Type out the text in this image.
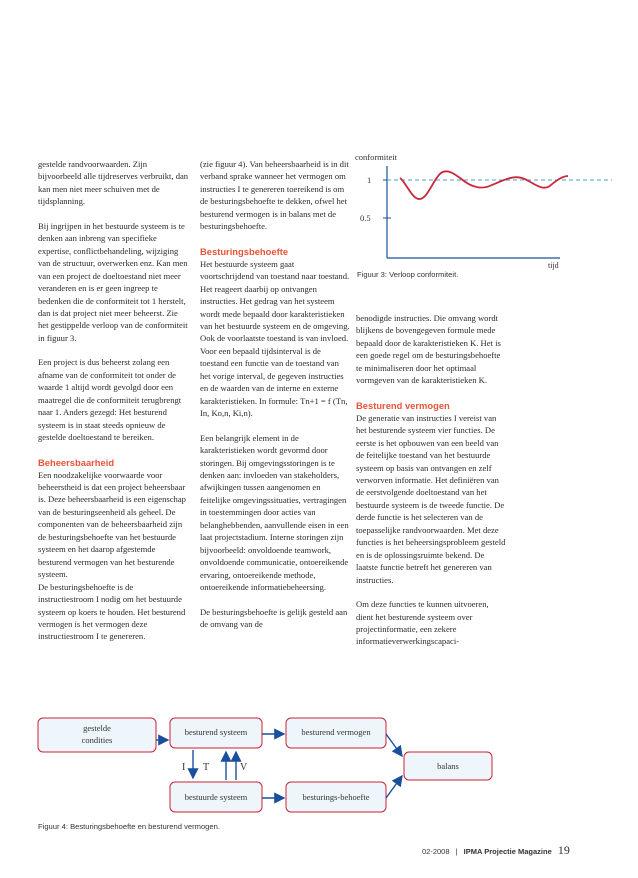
gestelde randvoorwaarden. Zijn bijvoorbeeld alle tijdreserves verbruikt, dan kan men niet meer schuiven met de tijdsplanning.

Bij ingrijpen in het bestuurde systeem is te denken aan inbreng van specifieke expertise, conflictbehandeling, wijziging van de structuur, overwerken enz. Kan men van een project de doeltoestand niet meer veranderen en is er geen ingreep te bedenken die de conformiteit tot 1 herstelt, dan is dat project niet meer beheerst. Zie het gestippelde verloop van de conformiteit in figuur 3.

Een project is dus beheerst zolang een afname van de conformiteit tot onder de waarde 1 altijd wordt gevolgd door een maatregel die de conformiteit terugbrengt naar 1. Anders gezegd: Het besturend systeem is in staat steeds opnieuw de gestelde doeltoestand te bereiken.

Beheersbaarheid

Een noodzakelijke voorwaarde voor beheerstheid is dat een project beheersbaar is. Deze beheersbaarheid is een eigenschap van de besturingseenheid als geheel. De componenten van de beheersbaarheid zijn de besturingsbehoefte van het bestuurde systeem en het daarop afgestemde besturend vermogen van het besturende systeem.

De besturingsbehoefte is de instructiestroom I nodig om het bestuurde systeem op koers te houden. Het besturend vermogen is het vermogen deze instructiestroom I te genereren.

(zie figuur 4). Van beheersbaarheid is in dit verband sprake wanneer het vermogen om instructies I te genereren toereikend is om de besturingsbehoefte te dekken, ofwel het besturend vermogen is in balans met de besturingsbehoefte.

Besturingsbehoefte

Het bestuurde systeem gaat voortschrijdend van toestand naar toestand. Het reageert daarbij op ontvangen instructies. Het gedrag van het systeem wordt mede bepaald door karakteristieken van het bestuurde systeem en de omgeving. Ook de voorlaatste toestand is van invloed. Voor een bepaald tijdsinterval is de toestand een functie van de toestand van het vorige interval, de gegeven instructies en de waarden van de interne en externe karakteristieken. In formule: Tn+1 = f (Tn, In, Ko,n, Ki,n).

Een belangrijk element in de karakteristieken wordt gevormd door storingen. Bij omgevingsstoringen is te denken aan: invloeden van stakeholders, afwijkingen tussen aangenomen en feitelijke omgevingssituaties, vertragingen in toestemmingen door acties van belanghebbenden, aanvullende eisen in een laat projectstadium. Interne storingen zijn bijvoorbeeld: onvoldoende teamwork, onvoldoende communicatie, ontoereikende ervaring, ontoereikende methode, ontoereikende informatiebeheersing.

De besturingsbehoefte is gelijk gesteld aan de omvang van de

conformiteit
1
0.5
tijd
Figuur 3: Verloop conformiteit.

benodigde instructies. Die omvang wordt blijkens de bovengegeven formule mede bepaald door de karakteristieken K. Het is een goede regel om de besturingsbehoefte te minimaliseren door het optimaal vormgeven van de karakteristieken K.

Besturend vermogen

De generatie van instructies I vereist van het besturende systeem vier functies. De eerste is het opbouwen van een beeld van de feitelijke toestand van het bestuurde systeem op basis van ontvangen en zelf verworven informatie. Het definiëren van de eerstvolgende doeltoestand van het bestuurde systeem is de tweede functie. De derde functie is het selecteren van de toepasselijke randvoorwaarden. Met deze functies is het beheersingsprobleem gesteld en is de oplossingsruimte bekend. De laatste functie betreft het genereren van instructies.

Om deze functies te kunnen uitvoeren, dient het besturende systeem over projectinformatie, een zekere informatieverwerkingscapaci-

gestelde
condities
besturend systeem	besturend vermogen
I T	V
bestuurde systeem	besturings-behoefte
balans
Figuur 4: Besturingsbehoefte en besturend vermogen.
02-2008 | IPMA Projectie Magazine 19
